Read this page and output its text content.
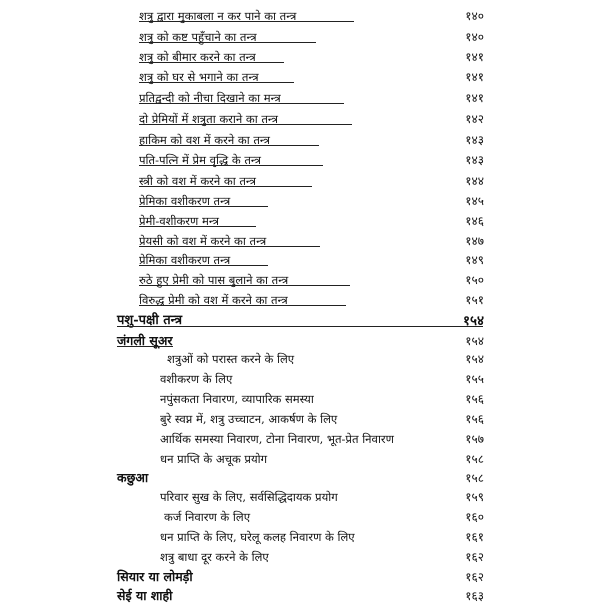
शत्रु द्वारा मुकाबला न कर पाने का तन्त्र	१४०
शत्रु को कष्ट पहुँचाने का तन्त्र	१४०
शत्रु को बीमार करने का तन्त्र	१४१
शत्रु को घर से भगाने का तन्त्र	१४१
प्रतिद्वन्दी को नीचा दिखाने का मन्त्र	१४१
दो प्रेमियों में शत्रुता कराने का तन्त्र	१४२
हाकिम को वश में करने का तन्त्र	१४३
पति-पत्नि में प्रेम वृद्धि के तन्त्र	१४३
स्त्री को वश में करने का तन्त्र	१४४
प्रेमिका वशीकरण तन्त्र	१४५
प्रेमी-वशीकरण मन्त्र	१४६
प्रेयसी को वश में करने का तन्त्र	१४७
प्रेमिका वशीकरण तन्त्र	१४९
रुठे हुए प्रेमी को पास बुलाने का तन्त्र	१५०
विरुद्ध प्रेमी को वश में करने का तन्त्र	१५१
पशु-पक्षी तन्त्र	१५४
जंगली सूअर	१५४
शत्रुओं को परास्त करने के लिए	१५४
वशीकरण के लिए	१५५
नपुंसकता निवारण, व्यापारिक समस्या	१५६
बुरे स्वप्न में, शत्रु उच्चाटन, आकर्षण के लिए	१५६
आर्थिक समस्या निवारण, टोना निवारण, भूत-प्रेत निवारण	१५७
धन प्राप्ति के अचूक प्रयोग	१५८
कछुआ	१५८
परिवार सुख के लिए, सर्वसिद्धिदायक प्रयोग	१५९
कर्ज निवारण के लिए	१६०
धन प्राप्ति के लिए, घरेलू कलह निवारण के लिए	१६१
शत्रु बाधा दूर करने के लिए	१६२
सियार या लोमड़ी	१६२
सेई या शाही	१६३
